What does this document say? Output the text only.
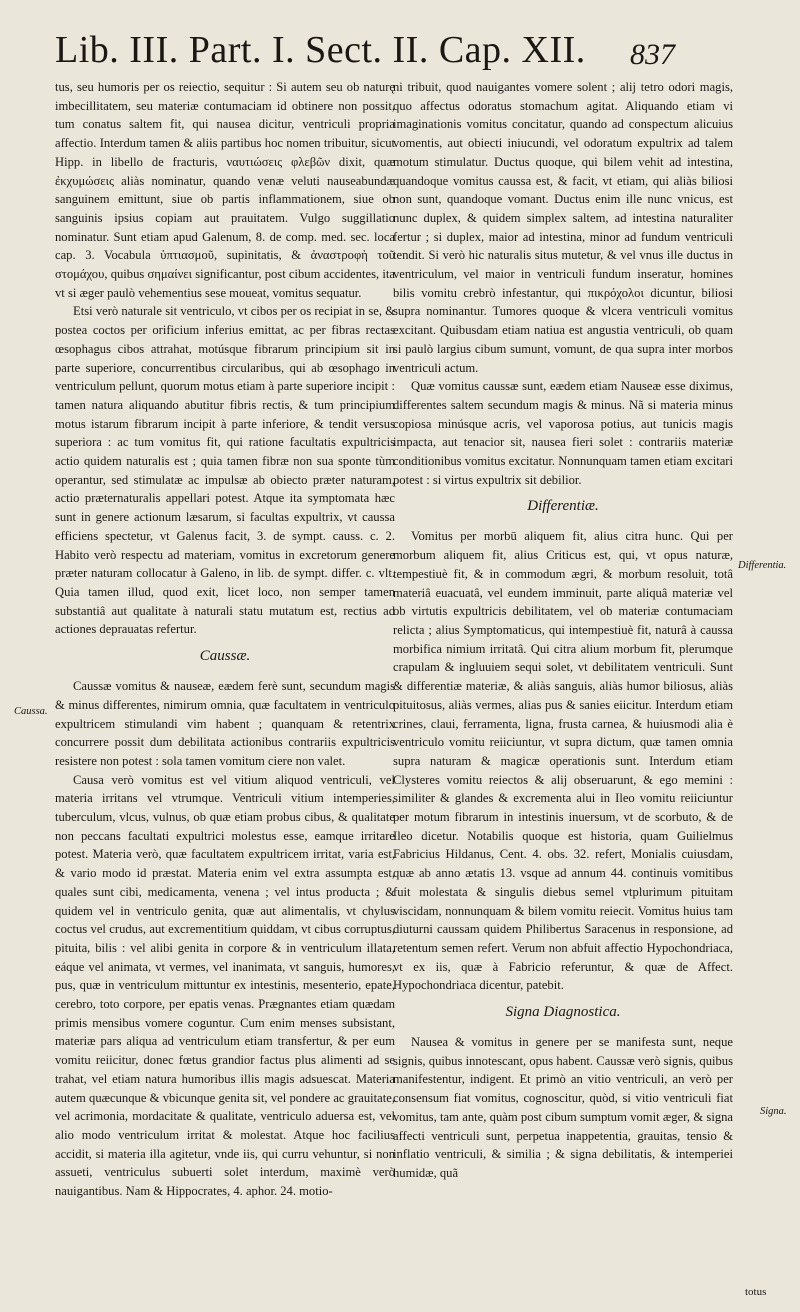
Lib. III. Part. I. Sect. II. Cap. XII. 837

tus, seu humoris per os reiectio, sequitur : Si autem seu ob naturę imbecillitatem, seu materiæ contumaciam id obtinere non possit, tum conatus saltem fit, qui nausea dicitur, ventriculi propria affectio. Interdum tamen & aliis partibus hoc nomen tribuitur, sicut Hipp. in libello de fracturis, ναυτιώσεις φλεβῶν dixit, quæ ἐκχυμώσεις aliàs nominatur, quando venæ veluti nauseabundæ sanguinem emittunt, siue ob partis inflammationem, siue ob sanguinis ipsius copiam aut prauitatem. Vulgo suggillatio nominatur. Sunt etiam apud Galenum, 8. de comp. med. sec. loca cap. 3. Vocabula ὑπτιασμοῦ, supinitatis, & ἀναστροφὴ τοῦ στομάχου, quibus σημαίνει significantur, post cibum accidentes, ita vt si æger paulò vehementius sese moueat, vomitus sequatur.

Etsi verò naturale sit ventriculo, vt cibos per os recipiat in se, & postea coctos per orificium inferius emittat, ac per fibras rectas œsophagus cibos attrahat, motúsque fibrarum principium sit in parte superiore, concurrentibus circularibus, qui ab œsophago in ventriculum pellunt, quorum motus etiam à parte superiore incipit : tamen natura aliquando abutitur fibris rectis, & tum principium motus istarum fibrarum incipit à parte inferiore, & tendit versus superiora : ac tum vomitus fit, qui ratione facultatis expultricis actio quidem naturalis est ; quia tamen fibræ non sua sponte tùm operantur, sed stimulatæ ac impulsæ ab obiecto præter naturam, actio præternaturalis appellari potest. Atque ita symptomata hæc sunt in genere actionum læsarum, si facultas expultrix, vt caussa efficiens spectetur, vt Galenus facit, 3. de sympt. causs. c. 2. Habito verò respectu ad materiam, vomitus in excretorum genere præter naturam collocatur à Galeno, in lib. de sympt. differ. c. vlt. Quia tamen illud, quod exit, licet loco, non semper tamen substantiâ aut qualitate à naturali statu mutatum est, rectius ad actiones deprauatas refertur.

Caussæ.

Caussæ vomitus & nauseæ, eædem ferè sunt, secundum magis & minus differentes, nimirum omnia, quæ facultatem in ventriculo expultricem stimulandi vim habent ; quanquam & retentrix concurrere possit dum debilitata actionibus contrariis expultricis resistere non potest : sola tamen vomitum ciere non valet.

Causa verò vomitus est vel vitium aliquod ventriculi, vel materia irritans vel vtrumque. Ventriculi vitium intemperies, tuberculum, vlcus, vulnus, ob quæ etiam probus cibus, & qualitate non peccans facultati expultrici molestus esse, eamque irritare potest. Materia verò, quæ facultatem expultricem irritat, varia est, & vario modo id præstat. Materia enim vel extra assumpta est, quales sunt cibi, medicamenta, venena ; vel intus producta ; & quidem vel in ventriculo genita, quæ aut alimentalis, vt chylus coctus vel crudus, aut excrementitium quiddam, vt cibus corruptus, pituita, bilis : vel alibi genita in corpore & in ventriculum illata, eáque vel animata, vt vermes, vel inanimata, vt sanguis, humores, pus, quæ in ventriculum mittuntur ex intestinis, mesenterio, epate, cerebro, toto corpore, per epatis venas. Prægnantes etiam quædam primis mensibus vomere coguntur. Cum enim menses subsistant, materiæ pars aliqua ad ventriculum etiam transfertur, & per eum vomitu reiicitur, donec fœtus grandior factus plus alimenti ad se trahat, vel etiam natura humoribus illis magis adsuescat. Materia autem quæcunque & vbicunque genita sit, vel pondere ac grauitate, vel acrimonia, mordacitate & qualitate, ventriculo aduersa est, vel alio modo ventriculum irritat & molestat. Atque hoc facilius accidit, si materia illa agitetur, vnde iis, qui curru vehuntur, si non assueti, ventriculus subuerti solet interdum, maximè verò nauigantibus. Nam & Hippocrates, 4. aphor. 24. motio-

ni tribuit, quod nauigantes vomere solent ; alij tetro odori magis, quo affectus odoratus stomachum agitat. Aliquando etiam vi imaginationis vomitus concitatur, quando ad conspectum alicuius vomentis, aut obiecti iniucundi, vel odoratum expultrix ad talem motum stimulatur. Ductus quoque, qui bilem vehit ad intestina, quandoque vomitus caussa est, & facit, vt etiam, qui aliàs biliosi non sunt, quandoque vomant. Ductus enim ille nunc vnicus, est nunc duplex, & quidem simplex saltem, ad intestina naturaliter fertur ; si duplex, maior ad intestina, minor ad fundum ventriculi tendit. Si verò hic naturalis situs mutetur, & vel vnus ille ductus in ventriculum, vel maior in ventriculi fundum inseratur, homines bilis vomitu crebrò infestantur, qui πικρόχολοι dicuntur, biliosi supra nominantur. Tumores quoque & vlcera ventriculi vomitus excitant. Quibusdam etiam natiua est angustia ventriculi, ob quam si paulò largius cibum sumunt, vomunt, de qua supra inter morbos ventriculi actum.

Quæ vomitus caussæ sunt, eædem etiam Nauseæ esse diximus, differentes saltem secundum magis & minus. Nã si materia minus copiosa minúsque acris, vel vaporosa potius, aut tunicis magis impacta, aut tenacior sit, nausea fieri solet : contrariis materiæ conditionibus vomitus excitatur. Nonnunquam tamen etiam excitari potest : si virtus expultrix sit debilior.

Differentiæ.

Vomitus per morbū aliquem fit, alius citra hunc. Qui per morbum aliquem fit, alius Criticus est, qui, vt opus naturæ, tempestiuè fit, & in commodum ægri, & morbum resoluit, totâ materiâ euacuatâ, vel eundem imminuit, parte aliquâ materiæ vel ob virtutis expultricis debilitatem, vel ob materiæ contumaciam relicta ; alius Symptomaticus, qui intempestiuè fit, naturâ à caussa morbifica nimium irritatâ. Qui citra alium morbum fit, plerumque crapulam & ingluuiem sequi solet, vt debilitatem ventriculi. Sunt & differentiæ materiæ, & aliàs sanguis, aliàs humor biliosus, aliàs pituitosus, aliàs vermes, alias pus & sanies eiicitur. Interdum etiam crines, claui, ferramenta, ligna, frusta carnea, & huiusmodi alia è ventriculo vomitu reiiciuntur, vt supra dictum, quæ tamen omnia supra naturam & magicæ operationis sunt. Interdum etiam Clysteres vomitu reiectos & alij obseruarunt, & ego memini : similiter & glandes & excrementa alui in Ileo vomitu reiiciuntur per motum fibrarum in intestinis inuersum, vt de scorbuto, & de Ileo dicetur. Notabilis quoque est historia, quam Guilielmus Fabricius Hildanus, Cent. 4. obs. 32. refert, Monialis cuiusdam, quæ ab anno ætatis 13. vsque ad annum 44. continuis vomitibus fuit molestata & singulis diebus semel vtplurimum pituitam viscidam, nonnunquam & bilem vomitu reiecit. Vomitus huius tam diuturni caussam quidem Philibertus Saracenus in responsione, ad retentum semen refert. Verum non abfuit affectio Hypochondriaca, vt ex iis, quæ à Fabricio referuntur, & quæ de Affect. Hypochondriaca dicentur, patebit.

Signa Diagnostica.

Nausea & vomitus in genere per se manifesta sunt, neque signis, quibus innotescant, opus habent. Caussæ verò signis, quibus manifestentur, indigent. Et primò an vitio ventriculi, an verò per consensum fiat vomitus, cognoscitur, quòd, si vitio ventriculi fiat vomitus, tam ante, quàm post cibum sumptum vomit æger, & signa affecti ventriculi sunt, perpetua inappetentia, grauitas, tensio & inflatio ventriculi, & similia ; & signa debilitatis, & intemperiei humidæ, quã

Caussa.
Differentia.
Signa.
totus
